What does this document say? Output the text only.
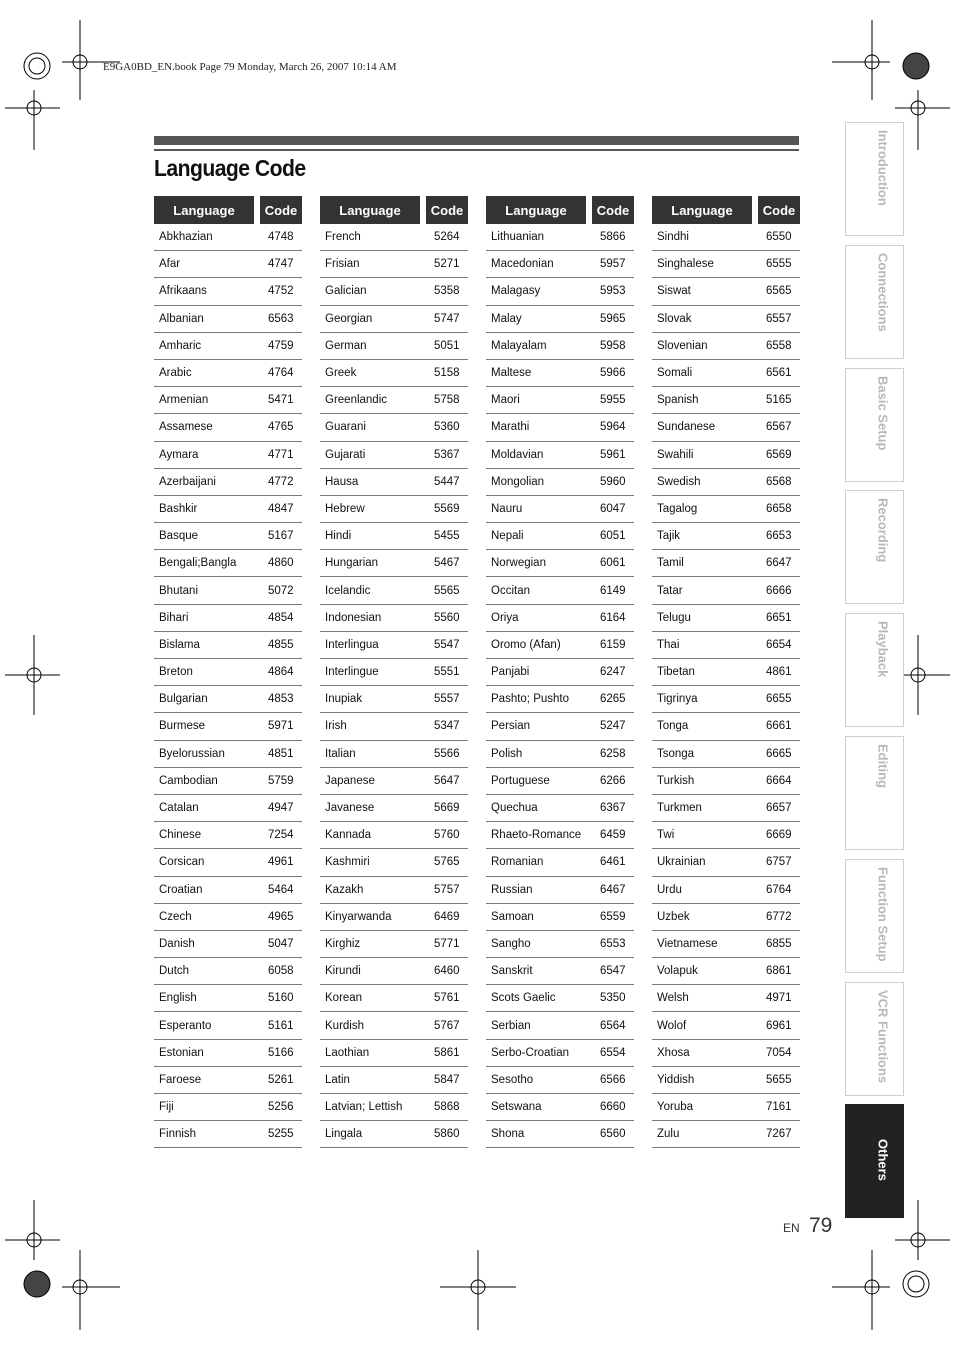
E9GA0BD_EN.book Page 79 Monday, March 26, 2007 10:14 AM
Language Code
Language	Code
Abkhazian	4748
Afar	4747
Afrikaans	4752
Albanian	6563
Amharic	4759
Arabic	4764
Armenian	5471
Assamese	4765
Aymara	4771
Azerbaijani	4772
Bashkir	4847
Basque	5167
Bengali;Bangla	4860
Bhutani	5072
Bihari	4854
Bislama	4855
Breton	4864
Bulgarian	4853
Burmese	5971
Byelorussian	4851
Cambodian	5759
Catalan	4947
Chinese	7254
Corsican	4961
Croatian	5464
Czech	4965
Danish	5047
Dutch	6058
English	5160
Esperanto	5161
Estonian	5166
Faroese	5261
Fiji	5256
Finnish	5255
Language	Code
French	5264
Frisian	5271
Galician	5358
Georgian	5747
German	5051
Greek	5158
Greenlandic	5758
Guarani	5360
Gujarati	5367
Hausa	5447
Hebrew	5569
Hindi	5455
Hungarian	5467
Icelandic	5565
Indonesian	5560
Interlingua	5547
Interlingue	5551
Inupiak	5557
Irish	5347
Italian	5566
Japanese	5647
Javanese	5669
Kannada	5760
Kashmiri	5765
Kazakh	5757
Kinyarwanda	6469
Kirghiz	5771
Kirundi	6460
Korean	5761
Kurdish	5767
Laothian	5861
Latin	5847
Latvian; Lettish	5868
Lingala	5860
Language	Code
Lithuanian	5866
Macedonian	5957
Malagasy	5953
Malay	5965
Malayalam	5958
Maltese	5966
Maori	5955
Marathi	5964
Moldavian	5961
Mongolian	5960
Nauru	6047
Nepali	6051
Norwegian	6061
Occitan	6149
Oriya	6164
Oromo (Afan)	6159
Panjabi	6247
Pashto; Pushto	6265
Persian	5247
Polish	6258
Portuguese	6266
Quechua	6367
Rhaeto-Romance	6459
Romanian	6461
Russian	6467
Samoan	6559
Sangho	6553
Sanskrit	6547
Scots Gaelic	5350
Serbian	6564
Serbo-Croatian	6554
Sesotho	6566
Setswana	6660
Shona	6560
Language	Code
Sindhi	6550
Singhalese	6555
Siswat	6565
Slovak	6557
Slovenian	6558
Somali	6561
Spanish	5165
Sundanese	6567
Swahili	6569
Swedish	6568
Tagalog	6658
Tajik	6653
Tamil	6647
Tatar	6666
Telugu	6651
Thai	6654
Tibetan	4861
Tigrinya	6655
Tonga	6661
Tsonga	6665
Turkish	6664
Turkmen	6657
Twi	6669
Ukrainian	6757
Urdu	6764
Uzbek	6772
Vietnamese	6855
Volapuk	6861
Welsh	4971
Wolof	6961
Xhosa	7054
Yiddish	5655
Yoruba	7161
Zulu	7267
Introduction
Connections
Basic Setup
Recording
Playback
Editing
Function Setup
VCR Functions
Others
EN 79
